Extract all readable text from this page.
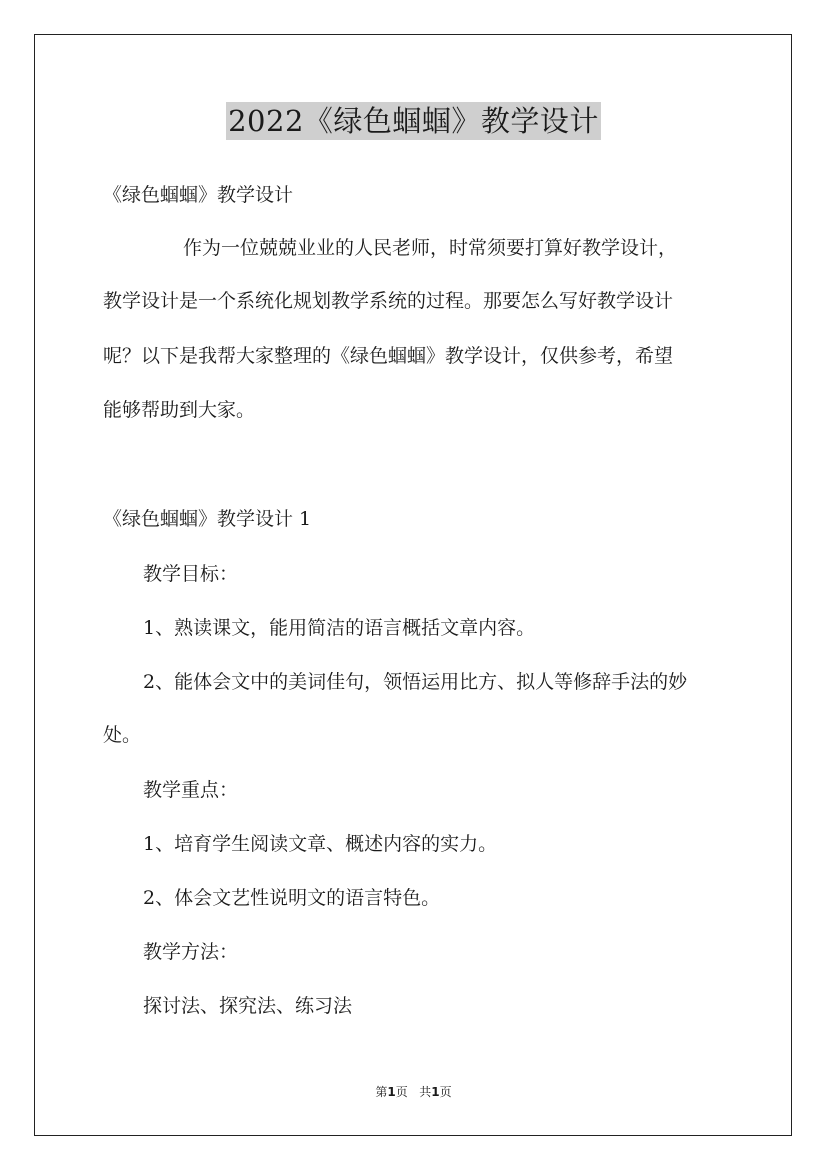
2022《绿色蝈蝈》教学设计
《绿色蝈蝈》教学设计
作为一位兢兢业业的人民老师，时常须要打算好教学设计，
教学设计是一个系统化规划教学系统的过程。那要怎么写好教学设计
呢？以下是我帮大家整理的《绿色蝈蝈》教学设计，仅供参考，希望
能够帮助到大家。
《绿色蝈蝈》教学设计 1
教学目标：
1、熟读课文，能用简洁的语言概括文章内容。
2、能体会文中的美词佳句，领悟运用比方、拟人等修辞手法的妙
处。
教学重点：
1、培育学生阅读文章、概述内容的实力。
2、体会文艺性说明文的语言特色。
教学方法：
探讨法、探究法、练习法
第1页 共1页
